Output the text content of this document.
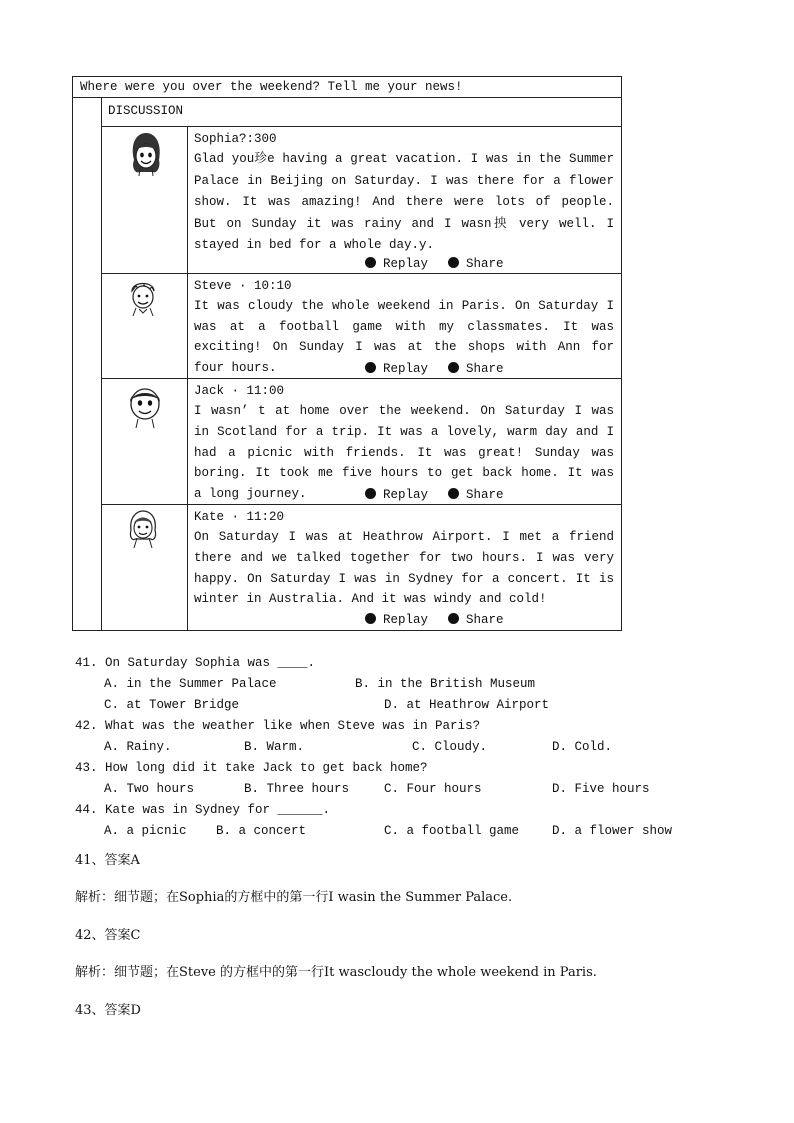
Where were you over the weekend? Tell me your news!
DISCUSSION
Sophia?:300
Glad you珍e having a great vacation. I was in the Summer Palace in Beijing on Saturday. I was there for a flower show. It was amazing! And there were lots of people. But on Sunday it was rainy and I wasn抰 very well. I stayed in bed for a whole day.y.
Replay	Share
Steve · 10:10
It was cloudy the whole weekend in Paris. On Saturday I was at a football game with my classmates. It was exciting! On Sunday I was at the shops with Ann for four hours.	Replay	Share
Jack · 11:00
I wasn’ t at home over the weekend. On Saturday I was in Scotland for a trip. It was a lovely, warm day and I had a picnic with friends. It was great! Sunday was boring. It took me five hours to get back home. It was a long journey.	Replay	Share
Kate · 11:20
On Saturday I was at Heathrow Airport. I met a friend there and we talked together for two hours. I was very happy. On Saturday I was in Sydney for a concert. It is winter in Australia. And it was windy and cold!
Replay	Share
41. On Saturday Sophia was ____.
A. in the Summer Palace	B. in the British Museum
C. at Tower Bridge	D. at Heathrow Airport
42. What was the weather like when Steve was in Paris?
A. Rainy.	B. Warm.	C. Cloudy.	D. Cold.
43. How long did it take Jack to get back home?
A. Two hours	B. Three hours	C. Four hours	D. Five hours
44. Kate was in Sydney for ______.
A. a picnic B. a concert	C. a football game	D. a flower show
41、答案A
解析：细节题；在Sophia的方框中的第一行I wasin the Summer Palace.
42、答案C
解析：细节题；在Steve 的方框中的第一行It wascloudy the whole weekend in Paris.
43、答案D
